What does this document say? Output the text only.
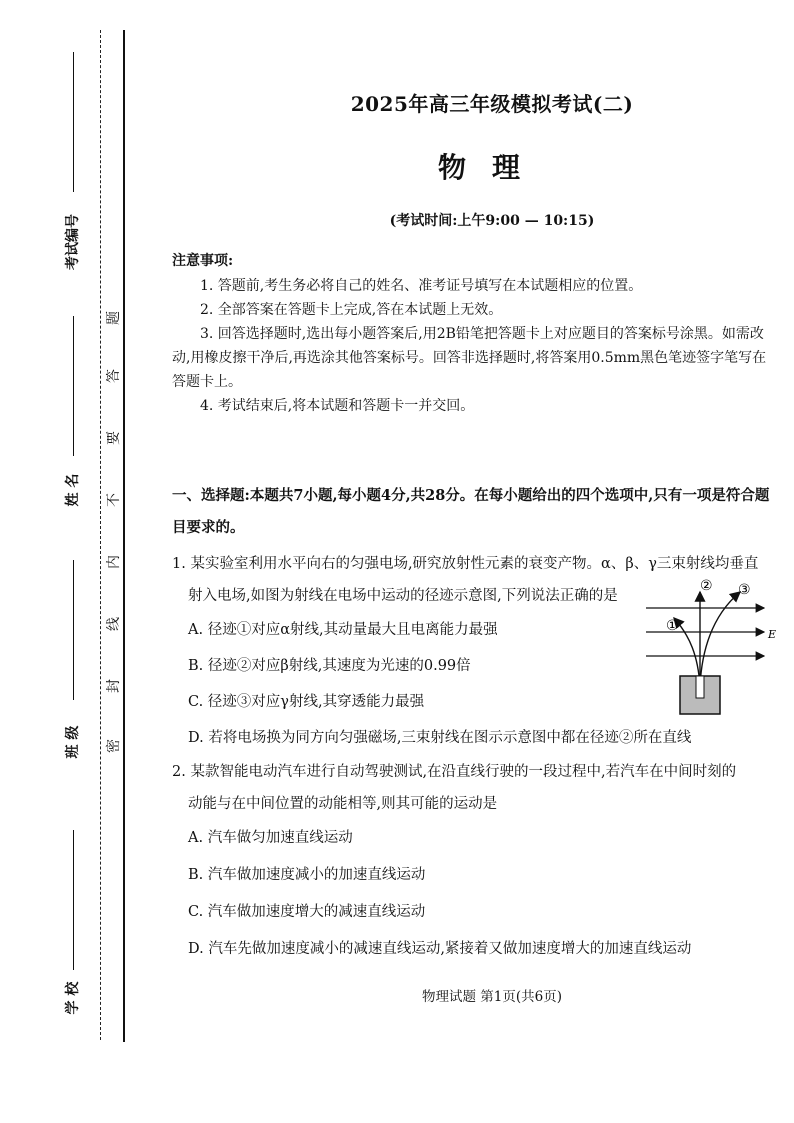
考试编号
姓 名
班 级
学 校
题
答
要
不
内
线
封
密
2025年高三年级模拟考试(二)
物理
(考试时间:上午9:00 — 10:15)
注意事项:

1. 答题前,考生务必将自己的姓名、准考证号填写在本试题相应的位置。

2. 全部答案在答题卡上完成,答在本试题上无效。

3. 回答选择题时,选出每小题答案后,用2B铅笔把答题卡上对应题目的答案标号涂黑。如需改动,用橡皮擦干净后,再选涂其他答案标号。回答非选择题时,将答案用0.5mm黑色笔迹签字笔写在答题卡上。

4. 考试结束后,将本试题和答题卡一并交回。

一、选择题:本题共7小题,每小题4分,共28分。在每小题给出的四个选项中,只有一项是符合题目要求的。
1. 某实验室利用水平向右的匀强电场,研究放射性元素的衰变产物。α、β、γ三束射线均垂直
射入电场,如图为射线在电场中运动的径迹示意图,下列说法正确的是
A. 径迹①对应α射线,其动量最大且电离能力最强
B. 径迹②对应β射线,其速度为光速的0.99倍
C. 径迹③对应γ射线,其穿透能力最强
D. 若将电场换为同方向匀强磁场,三束射线在图示示意图中都在径迹②所在直线
①
② ③
E
2. 某款智能电动汽车进行自动驾驶测试,在沿直线行驶的一段过程中,若汽车在中间时刻的
动能与在中间位置的动能相等,则其可能的运动是
A. 汽车做匀加速直线运动
B. 汽车做加速度减小的加速直线运动
C. 汽车做加速度增大的减速直线运动
D. 汽车先做加速度减小的减速直线运动,紧接着又做加速度增大的加速直线运动
物理试题 第1页(共6页)
